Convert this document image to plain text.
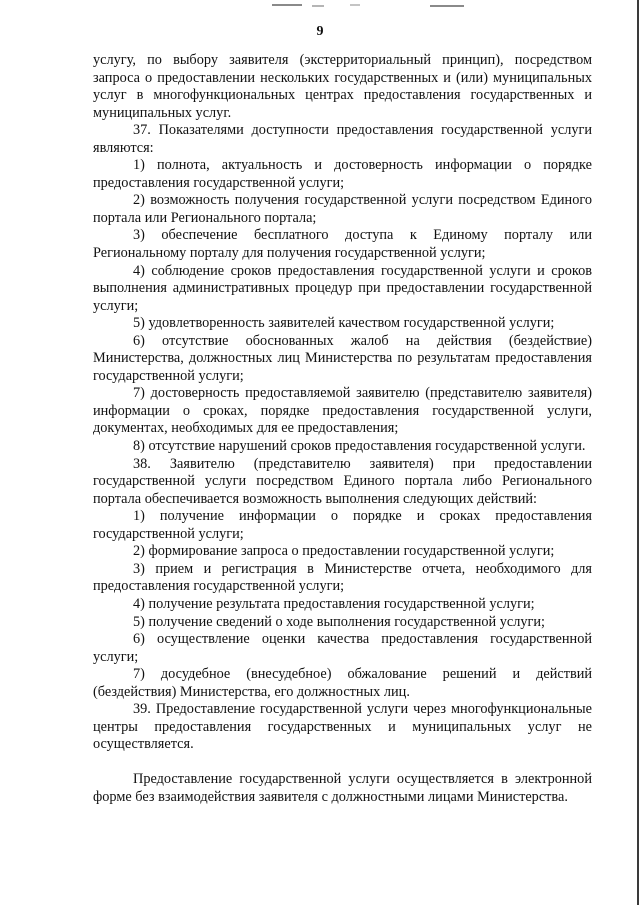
9

услугу, по выбору заявителя (экстерриториальный принцип), посредством запроса о предоставлении нескольких государственных и (или) муниципальных услуг в многофункциональных центрах предоставления государственных и муниципальных услуг.

37. Показателями доступности предоставления государственной услуги являются:

1) полнота, актуальность и достоверность информации о порядке предоставления государственной услуги;

2) возможность получения государственной услуги посредством Единого портала или Регионального портала;

3) обеспечение бесплатного доступа к Единому порталу или Региональному порталу для получения государственной услуги;

4) соблюдение сроков предоставления государственной услуги и сроков выполнения административных процедур при предоставлении государственной услуги;

5) удовлетворенность заявителей качеством государственной услуги;

6) отсутствие обоснованных жалоб на действия (бездействие) Министерства, должностных лиц Министерства по результатам предоставления государственной услуги;

7) достоверность предоставляемой заявителю (представителю заявителя) информации о сроках, порядке предоставления государственной услуги, документах, необходимых для ее предоставления;

8) отсутствие нарушений сроков предоставления государственной услуги.

38. Заявителю (представителю заявителя) при предоставлении государственной услуги посредством Единого портала либо Регионального портала обеспечивается возможность выполнения следующих действий:

1) получение информации о порядке и сроках предоставления государственной услуги;

2) формирование запроса о предоставлении государственной услуги;

3) прием и регистрация в Министерстве отчета, необходимого для предоставления государственной услуги;

4) получение результата предоставления государственной услуги;

5) получение сведений о ходе выполнения государственной услуги;

6) осуществление оценки качества предоставления государственной услуги;

7) досудебное (внесудебное) обжалование решений и действий (бездействия) Министерства, его должностных лиц.

39. Предоставление государственной услуги через многофункциональные центры предоставления государственных и муниципальных услуг не осуществляется.

Предоставление государственной услуги осуществляется в электронной форме без взаимодействия заявителя с должностными лицами Министерства.
